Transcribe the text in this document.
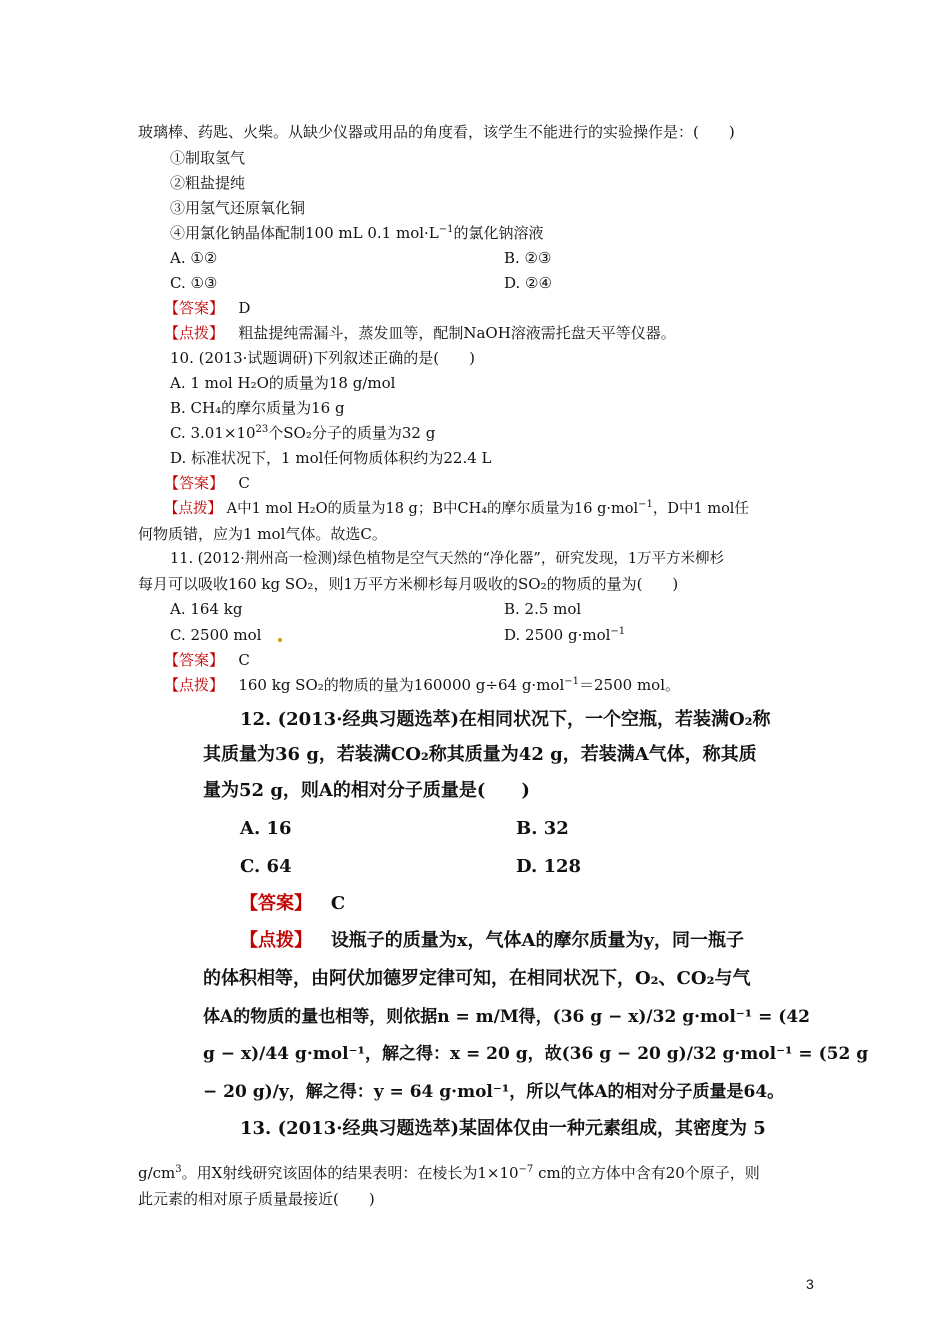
玻璃棒、药匙、火柴。从缺少仪器或用品的角度看，该学生不能进行的实验操作是：(　　)
①制取氢气
②粗盐提纯
③用氢气还原氧化铜
④用氯化钠晶体配制100 mL 0.1 $mol\cdot L^{-1}$的氯化钠溶液
A. ①②	B. ②③
C. ①③	D. ②④
【答案】 D
【点拨】 粗盐提纯需漏斗，蒸发皿等，配制NaOH溶液需托盘天平等仪器。
10. (2013·试题调研)下列叙述正确的是(　　)
A. 1 mol H₂O的质量为18 g/mol
B. CH₄的摩尔质量为16 g
C. $3.01\times 10^{23}$个SO₂分子的质量为32 g
D. 标准状况下，1 mol任何物质体积约为22.4 L
【答案】 C
【点拨】 A中1 mol H₂O的质量为18 g；B中CH₄的摩尔质量为16 g·mol$^{-1}$，D中1 mol任
何物质错，应为1 mol气体。故选C。
11. (2012·荆州高一检测)绿色植物是空气天然的“净化器”，研究发现，1万平方米柳杉
每月可以吸收160 kg SO₂，则1万平方米柳杉每月吸收的SO₂的物质的量为(　　)
A. 164 kg	B. 2.5 mol
C. 2500 mol	D. 2500 g·mol$^{-1}$
【答案】 C
【点拨】 160 kg SO₂的物质的量为160000 g÷64 g·mol$^{-1}$＝2500 mol。
12. (2013·经典习题选萃)在相同状况下，一个空瓶，若装满O₂称
其质量为36 g，若装满CO₂称其质量为42 g，若装满A气体，称其质
量为52 g，则A的相对分子质量是(　　)
A. 16	B. 32
C. 64	D. 128
【答案】 C
【点拨】 设瓶子的质量为x，气体A的摩尔质量为y，同一瓶子
的体积相等，由阿伏加德罗定律可知，在相同状况下，O₂、CO₂与气
体A的物质的量也相等，则依据n = m/M得，(36 g − x)/32 g·mol⁻¹ = (42
g − x)/44 g·mol⁻¹，解之得：x = 20 g，故(36 g − 20 g)/32 g·mol⁻¹ = (52 g
− 20 g)/y，解之得：y = 64 g·mol⁻¹，所以气体A的相对分子质量是64。
13. (2013·经典习题选萃)某固体仅由一种元素组成，其密度为 5
$g/cm^3$。用X射线研究该固体的结果表明：在棱长为$1\times 10^{-7}$ cm的立方体中含有20个原子，则
此元素的相对原子质量最接近(　　)
3
